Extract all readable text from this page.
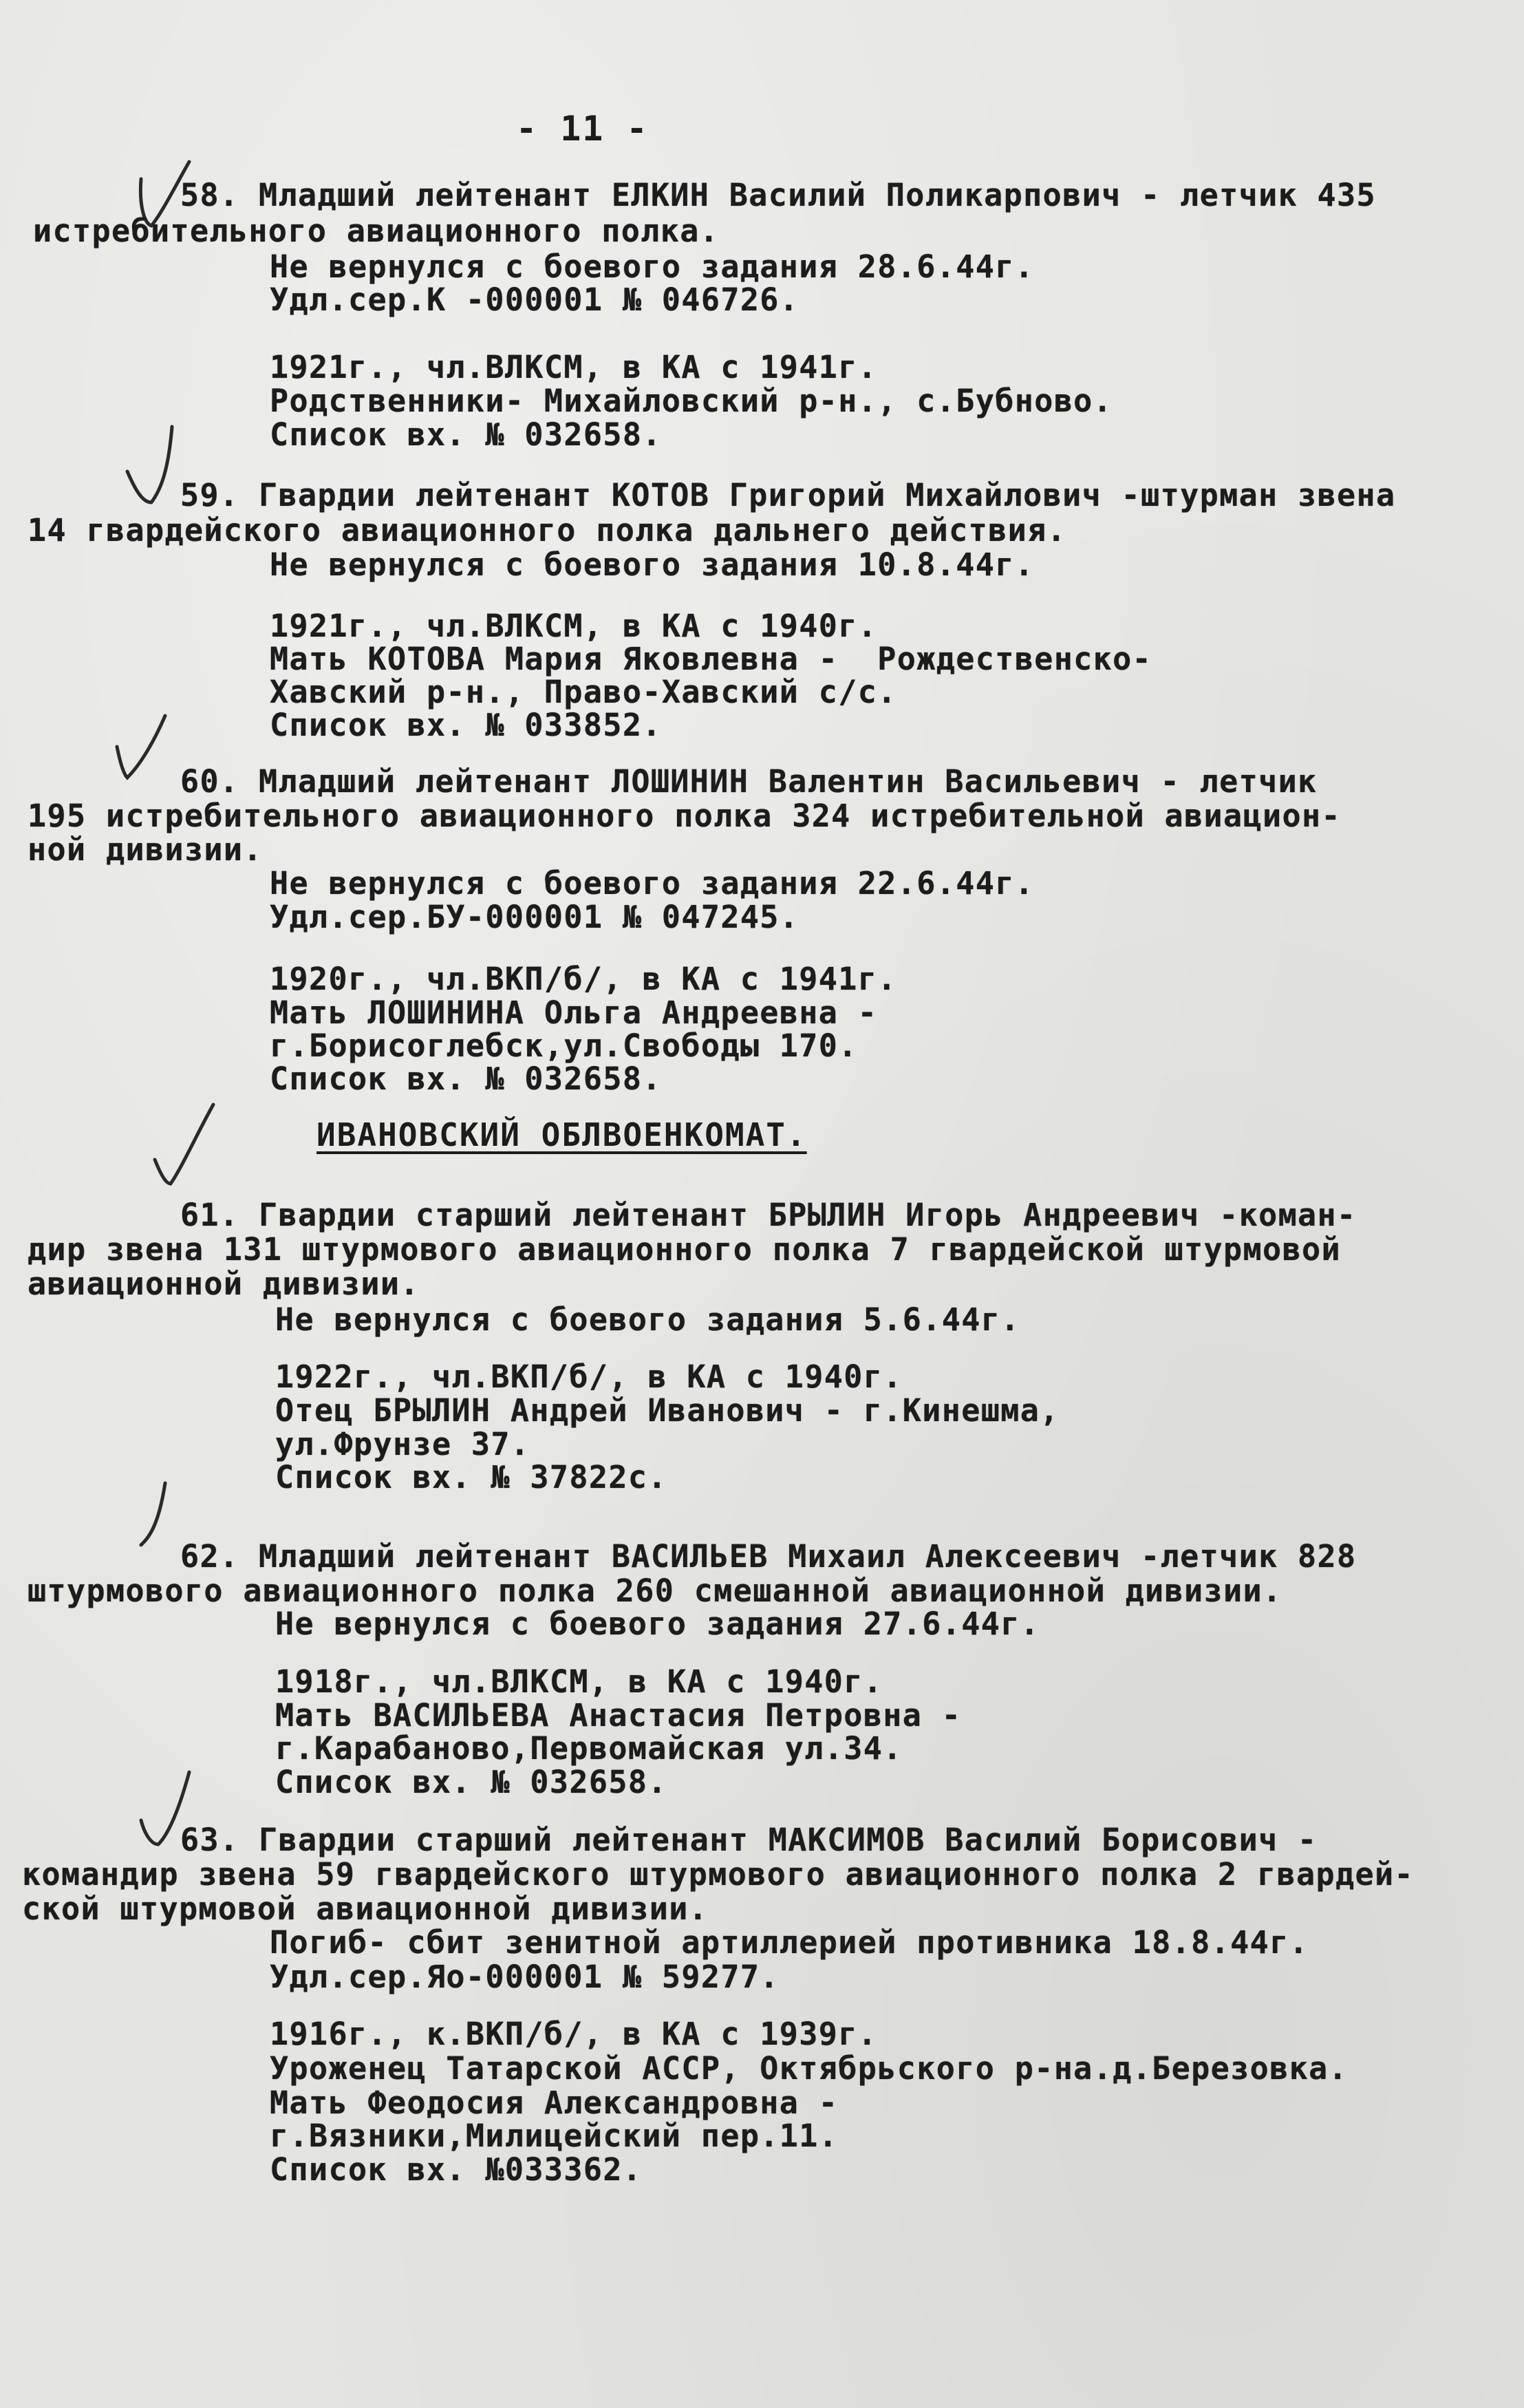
- 11 -
58. Младший лейтенант ЕЛКИН Василий Поликарпович - летчик 435
истребительного авиационного полка.
Не вернулся с боевого задания 28.6.44г.
Удл.сер.К -000001 № 046726.
1921г., чл.ВЛКСМ, в КА с 1941г.
Родственники- Михайловский р-н., с.Бубново.
Список вх. № 032658.
59. Гвардии лейтенант КОТОВ Григорий Михайлович -штурман звена
14 гвардейского авиационного полка дальнего действия.
Не вернулся с боевого задания 10.8.44г.
1921г., чл.ВЛКСМ, в КА с 1940г.
Мать КОТОВА Мария Яковлевна -  Рождественско-
Хавский р-н., Право-Хавский с/с.
Список вх. № 033852.
60. Младший лейтенант ЛОШИНИН Валентин Васильевич - летчик
195 истребительного авиационного полка 324 истребительной авиацион-
ной дивизии.
Не вернулся с боевого задания 22.6.44г.
Удл.сер.БУ-000001 № 047245.
1920г., чл.ВКП/б/, в КА с 1941г.
Мать ЛОШИНИНА Ольга Андреевна -
г.Борисоглебск,ул.Свободы 170.
Список вх. № 032658.
ИВАНОВСКИЙ ОБЛВОЕНКОМАТ.
61. Гвардии старший лейтенант БРЫЛИН Игорь Андреевич -коман-
дир звена 131 штурмового авиационного полка 7 гвардейской штурмовой
авиационной дивизии.
Не вернулся с боевого задания 5.6.44г.
1922г., чл.ВКП/б/, в КА с 1940г.
Отец БРЫЛИН Андрей Иванович - г.Кинешма,
ул.Фрунзе 37.
Список вх. № 37822с.
62. Младший лейтенант ВАСИЛЬЕВ Михаил Алексеевич -летчик 828
штурмового авиационного полка 260 смешанной авиационной дивизии.
Не вернулся с боевого задания 27.6.44г.
1918г., чл.ВЛКСМ, в КА с 1940г.
Мать ВАСИЛЬЕВА Анастасия Петровна -
г.Карабаново,Первомайская ул.34.
Список вх. № 032658.
63. Гвардии старший лейтенант МАКСИМОВ Василий Борисович -
командир звена 59 гвардейского штурмового авиационного полка 2 гвардей-
ской штурмовой авиационной дивизии.
Погиб- сбит зенитной артиллерией противника 18.8.44г.
Удл.сер.Яо-000001 № 59277.
1916г., к.ВКП/б/, в КА с 1939г.
Уроженец Татарской АССР, Октябрьского р-на.д.Березовка.
Мать Феодосия Александровна -
г.Вязники,Милицейский пер.11.
Список вх. №033362.
